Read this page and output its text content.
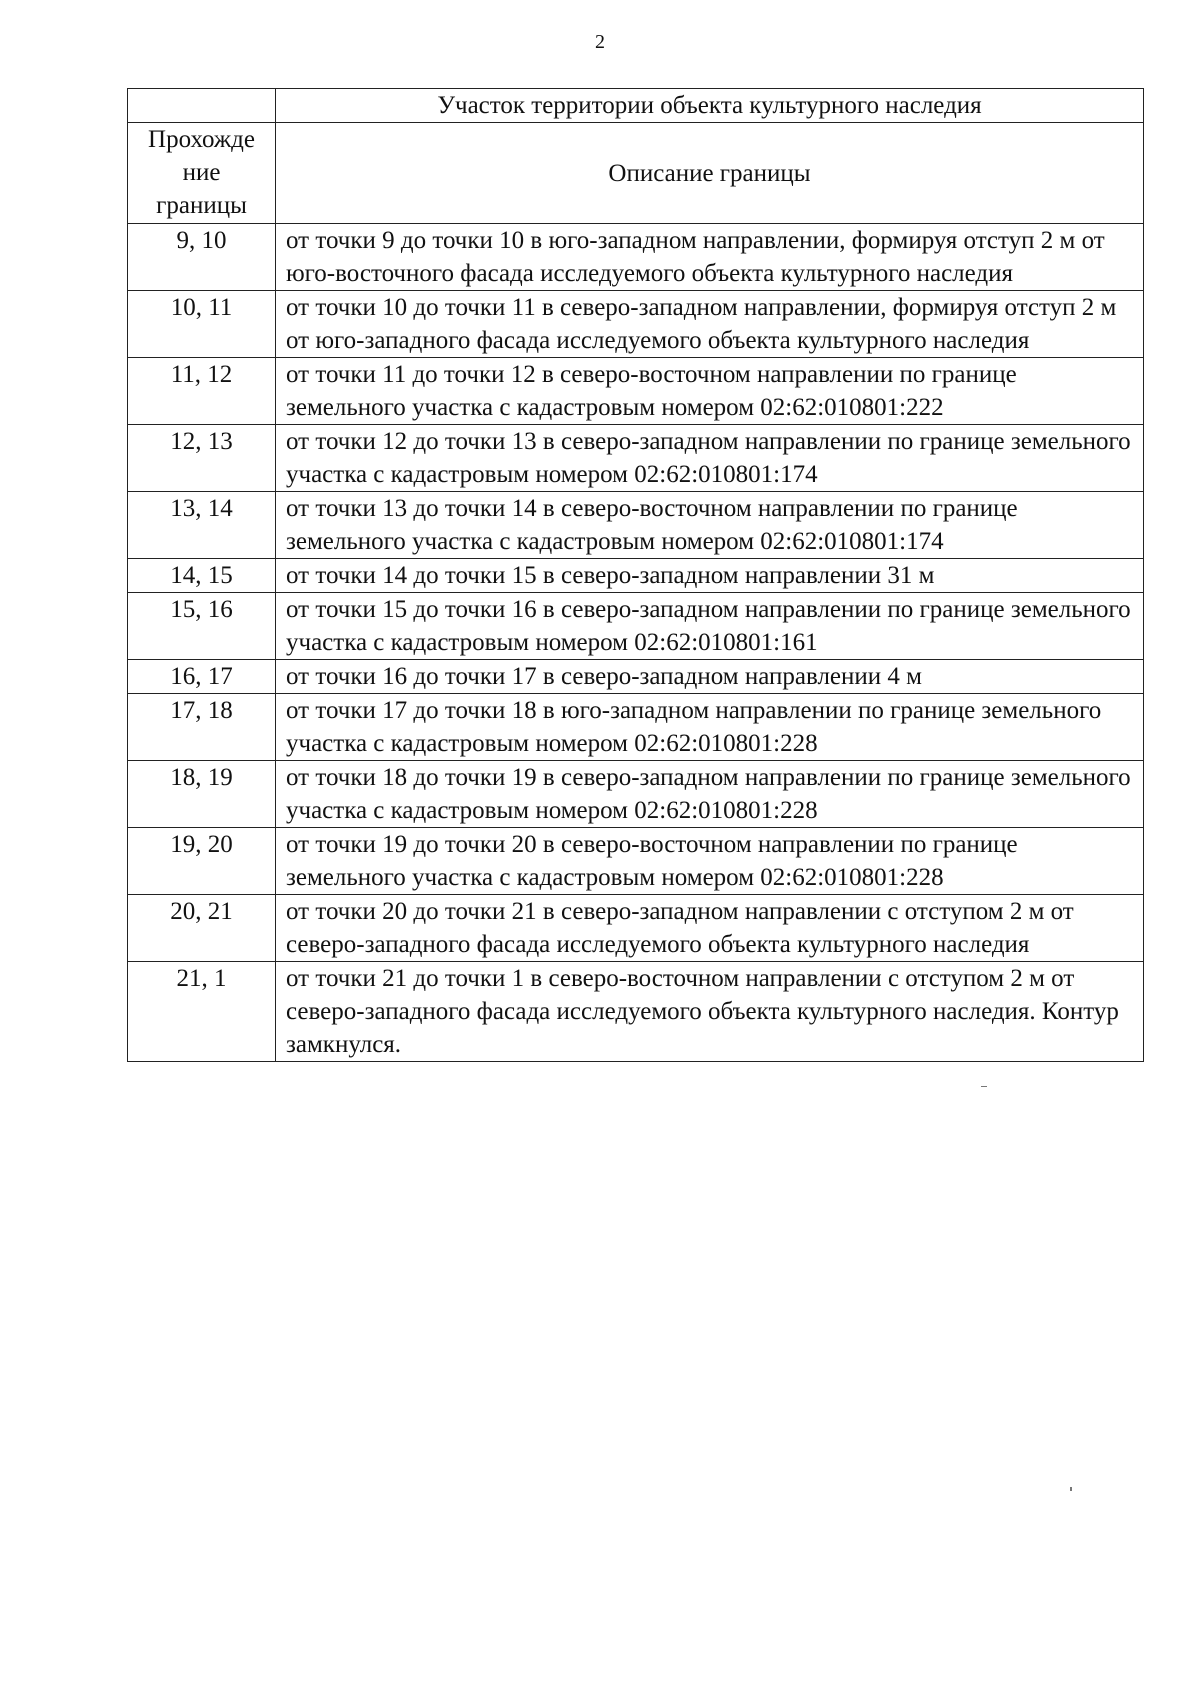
2
	Участок территории объекта культурного наследия

Прохожде
ние
границы	Описание границы
9, 10	от точки 9 до точки 10 в юго-западном направлении, формируя отступ 2 м от юго-восточного фасада исследуемого объекта культурного наследия
10, 11	от точки 10 до точки 11 в северо-западном направлении, формируя отступ 2 м от юго-западного фасада исследуемого объекта культурного наследия
11, 12	от точки 11 до точки 12 в северо-восточном направлении по границе земельного участка с кадастровым номером 02:62:010801:222
12, 13	от точки 12 до точки 13 в северо-западном направлении по границе земельного участка с кадастровым номером 02:62:010801:174
13, 14	от точки 13 до точки 14 в северо-восточном направлении по границе земельного участка с кадастровым номером 02:62:010801:174
14, 15	от точки 14 до точки 15 в северо-западном направлении 31 м
15, 16	от точки 15 до точки 16 в северо-западном направлении по границе земельного участка с кадастровым номером 02:62:010801:161
16, 17	от точки 16 до точки 17 в северо-западном направлении 4 м
17, 18	от точки 17 до точки 18 в юго-западном направлении по границе земельного участка с кадастровым номером 02:62:010801:228
18, 19	от точки 18 до точки 19 в северо-западном направлении по границе земельного участка с кадастровым номером 02:62:010801:228
19, 20	от точки 19 до точки 20 в северо-восточном направлении по границе земельного участка с кадастровым номером 02:62:010801:228
20, 21	от точки 20 до точки 21 в северо-западном направлении с отступом 2 м от северо-западного фасада исследуемого объекта культурного наследия
21, 1	от точки 21 до точки 1 в северо-восточном направлении с отступом 2 м от северо-западного фасада исследуемого объекта культурного наследия. Контур замкнулся.
